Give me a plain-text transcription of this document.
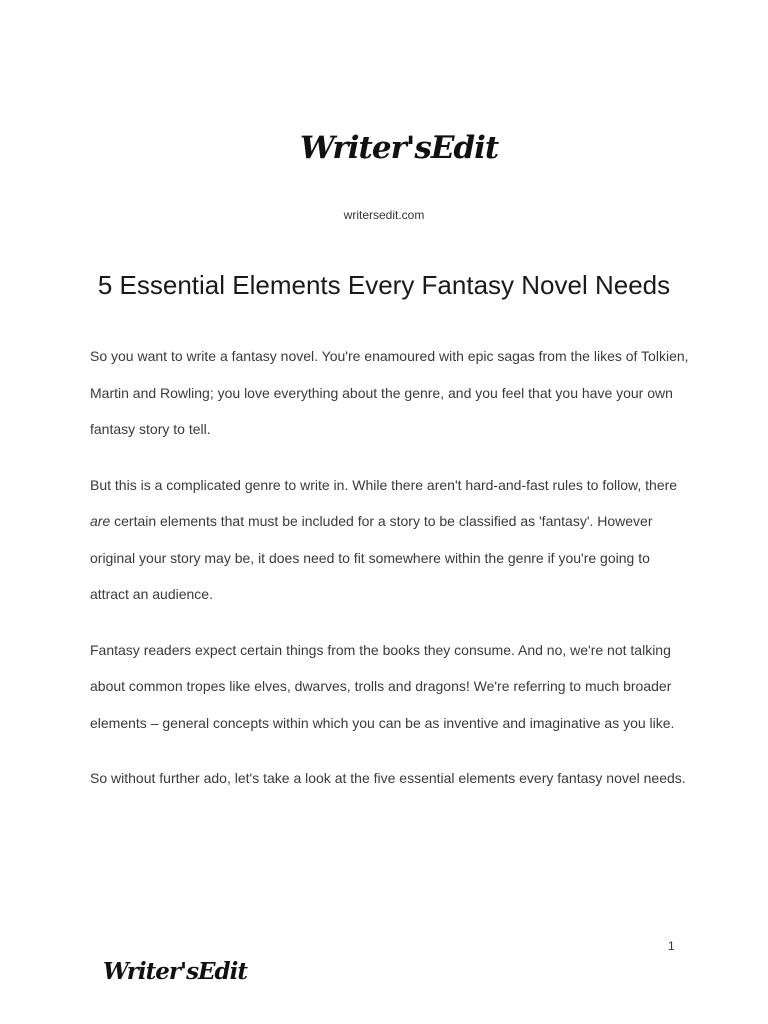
Writer'sEdit
writersedit.com
5 Essential Elements Every Fantasy Novel Needs

So you want to write a fantasy novel. You're enamoured with epic sagas from the likes of Tolkien, Martin and Rowling; you love everything about the genre, and you feel that you have your own fantasy story to tell.

But this is a complicated genre to write in. While there aren't hard-and-fast rules to follow, there are certain elements that must be included for a story to be classified as 'fantasy'. However original your story may be, it does need to fit somewhere within the genre if you're going to attract an audience.

Fantasy readers expect certain things from the books they consume. And no, we're not talking about common tropes like elves, dwarves, trolls and dragons! We're referring to much broader elements – general concepts within which you can be as inventive and imaginative as you like.

So without further ado, let's take a look at the five essential elements every fantasy novel needs.

1
Writer'sEdit
